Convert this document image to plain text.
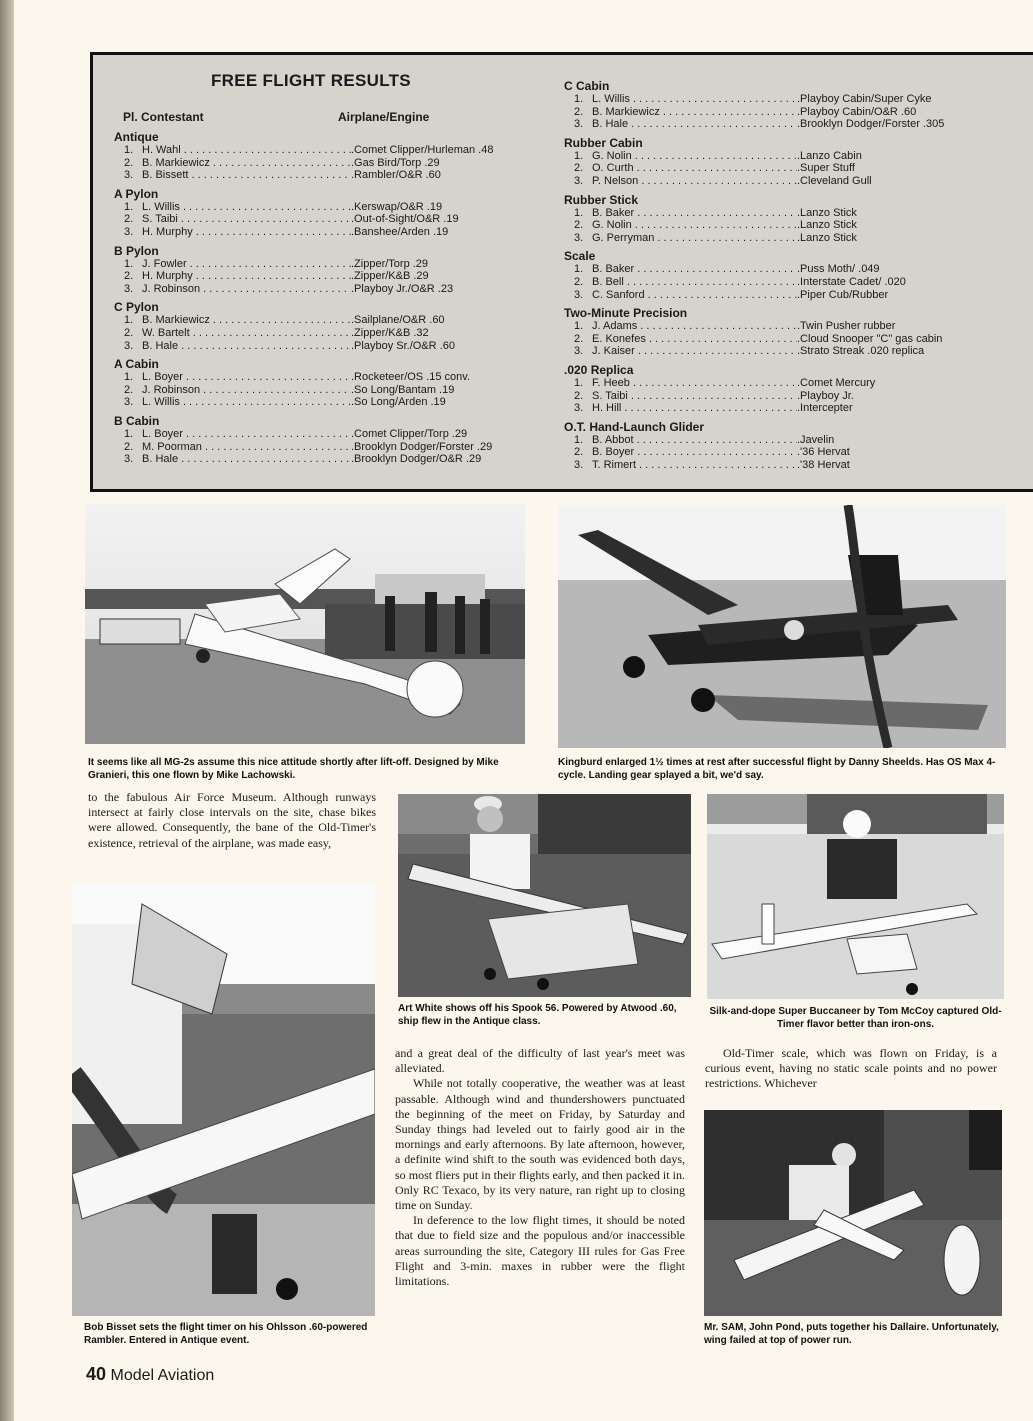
FREE FLIGHT RESULTS
Pl. Contestant	Airplane/Engine
Antique
1. H. Wahl . . .	.Comet Clipper/Hurleman .48
2. B. Markiewicz . . .	.Gas Bird/Torp .29
3. B. Bissett . . .	.Rambler/O&R .60
A Pylon
1. L. Willis . . .	.Kerswap/O&R .19
2. S. Taibi . . .	.Out-of-Sight/O&R .19
3. H. Murphy . . .	.Banshee/Arden .19
B Pylon
1. J. Fowler . . .	.Zipper/Torp .29
2. H. Murphy . . .	.Zipper/K&B .29
3. J. Robinson . . .	.Playboy Jr./O&R .23
C Pylon
1. B. Markiewicz . . .	.Sailplane/O&R .60
2. W. Bartelt . . .	.Zipper/K&B .32
3. B. Hale . . .	.Playboy Sr./O&R .60
A Cabin
1. L. Boyer . . .	.Rocketeer/OS .15 conv.
2. J. Robinson . . .	.So Long/Bantam .19
3. L. Willis . . .	.So Long/Arden .19
B Cabin
1. L. Boyer . . .	.Comet Clipper/Torp .29
2. M. Poorman . . .	.Brooklyn Dodger/Forster .29
3. B. Hale . . .	.Brooklyn Dodger/O&R .29
C Cabin
1. L. Willis . . .	.Playboy Cabin/Super Cyke
2. B. Markiewicz . . .	.Playboy Cabin/O&R .60
3. B. Hale . . .	.Brooklyn Dodger/Forster .305
Rubber Cabin
1. G. Nolin . . .	.Lanzo Cabin
2. O. Curth . . .	.Super Stuff
3. P. Nelson . . .	.Cleveland Gull
Rubber Stick
1. B. Baker . . .	.Lanzo Stick
2. G. Nolin . . .	.Lanzo Stick
3. G. Perryman . . .	.Lanzo Stick
Scale
1. B. Baker . . .	.Puss Moth/ .049
2. B. Bell . . .	.Interstate Cadet/ .020
3. C. Sanford . . .	.Piper Cub/Rubber
Two-Minute Precision
1. J. Adams . . .	.Twin Pusher rubber
2. E. Konefes . . .	.Cloud Snooper "C" gas cabin
3. J. Kaiser . . .	.Strato Streak .020 replica
.020 Replica
1. F. Heeb . . .	.Comet Mercury
2. S. Taibi . . .	.Playboy Jr.
3. H. Hill . . .	.Intercepter
O.T. Hand-Launch Glider
1. B. Abbot . . .	.Javelin
2. B. Boyer . . .	.'36 Hervat
3. T. Rimert . . .	.'38 Hervat
It seems like all MG-2s assume this nice attitude shortly after lift-off. Designed by Mike Granieri, this one flown by Mike Lachowski.
Kingburd enlarged 1½ times at rest after successful flight by Danny Sheelds. Has OS Max 4-cycle. Landing gear splayed a bit, we'd say.
to the fabulous Air Force Museum. Although runways intersect at fairly close intervals on the site, chase bikes were allowed. Consequently, the bane of the Old-Timer's existence, retrieval of the airplane, was made easy,
Art White shows off his Spook 56. Powered by Atwood .60, ship flew in the Antique class.
Silk-and-dope Super Buccaneer by Tom McCoy captured Old-Timer flavor better than iron-ons.
and a great deal of the difficulty of last year's meet was alleviated.
While not totally cooperative, the weather was at least passable. Although wind and thundershowers punctuated the beginning of the meet on Friday, by Saturday and Sunday things had leveled out to fairly good air in the mornings and early afternoons. By late afternoon, however, a definite wind shift to the south was evidenced both days, so most fliers put in their flights early, and then packed it in. Only RC Texaco, by its very nature, ran right up to closing time on Sunday.
In deference to the low flight times, it should be noted that due to field size and the populous and/or inaccessible areas surrounding the site, Category III rules for Gas Free Flight and 3-min. maxes in rubber were the flight limitations.
Old-Timer scale, which was flown on Friday, is a curious event, having no static scale points and no power restrictions. Whichever
Bob Bisset sets the flight timer on his Ohlsson .60-powered Rambler. Entered in Antique event.
Mr. SAM, John Pond, puts together his Dallaire. Unfortunately, wing failed at top of power run.
40 Model Aviation
